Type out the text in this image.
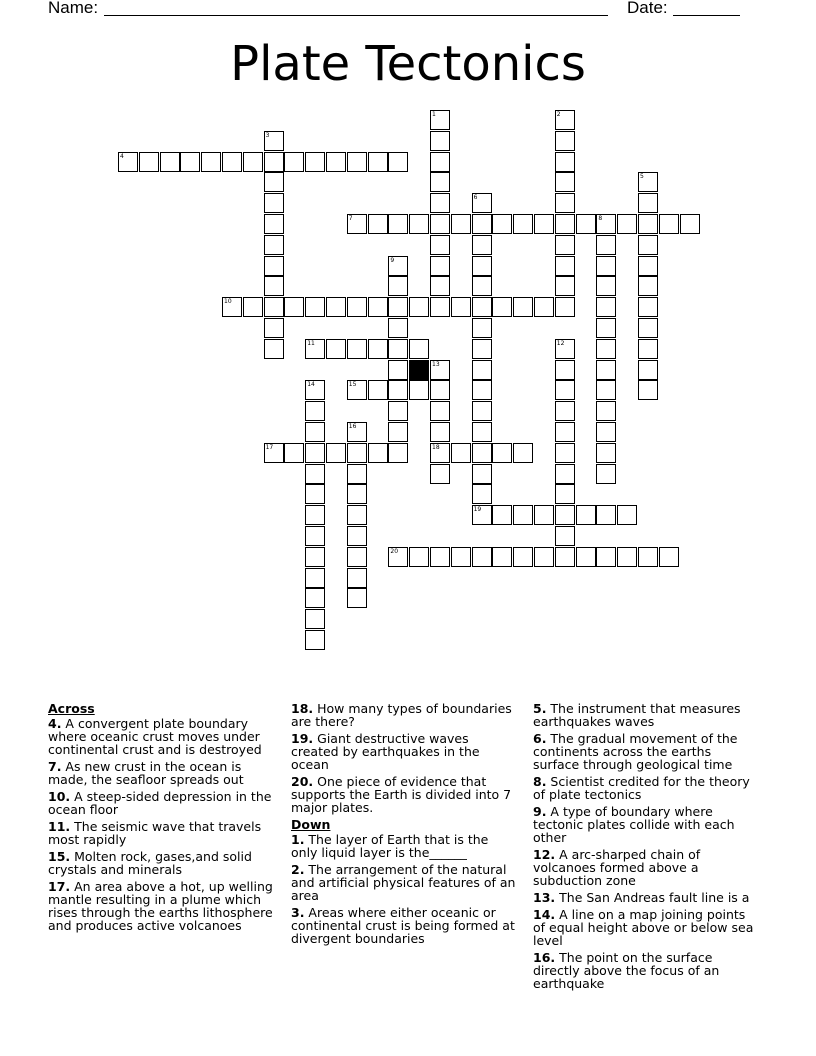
Name:	Date:
Plate Tectonics
1	2
3
4
5
6
19
7	8
9
10
11	12
13
18
14	15
16
17
20
Across
4. A convergent plate boundary where oceanic crust moves under continental crust and is destroyed
7. As new crust in the ocean is made, the seafloor spreads out
10. A steep-sided depression in the ocean floor
11. The seismic wave that travels most rapidly
15. Molten rock, gases,and solid crystals and minerals
17. An area above a hot, up welling mantle resulting in a plume which rises through the earths lithosphere and produces active volcanoes
18. How many types of boundaries are there?
19. Giant destructive waves created by earthquakes in the ocean
20. One piece of evidence that supports the Earth is divided into 7 major plates.
Down
1. The layer of Earth that is the only liquid layer is the______
2. The arrangement of the natural and artificial physical features of an area
3. Areas where either oceanic or continental crust is being formed at divergent boundaries
5. The instrument that measures earthquakes waves
6. The gradual movement of the continents across the earths surface through geological time
8. Scientist credited for the theory of plate tectonics
9. A type of boundary where tectonic plates collide with each other
12. A arc-sharped chain of volcanoes formed above a subduction zone
13. The San Andreas fault line is a
14. A line on a map joining points of equal height above or below sea level
16. The point on the surface directly above the focus of an earthquake
